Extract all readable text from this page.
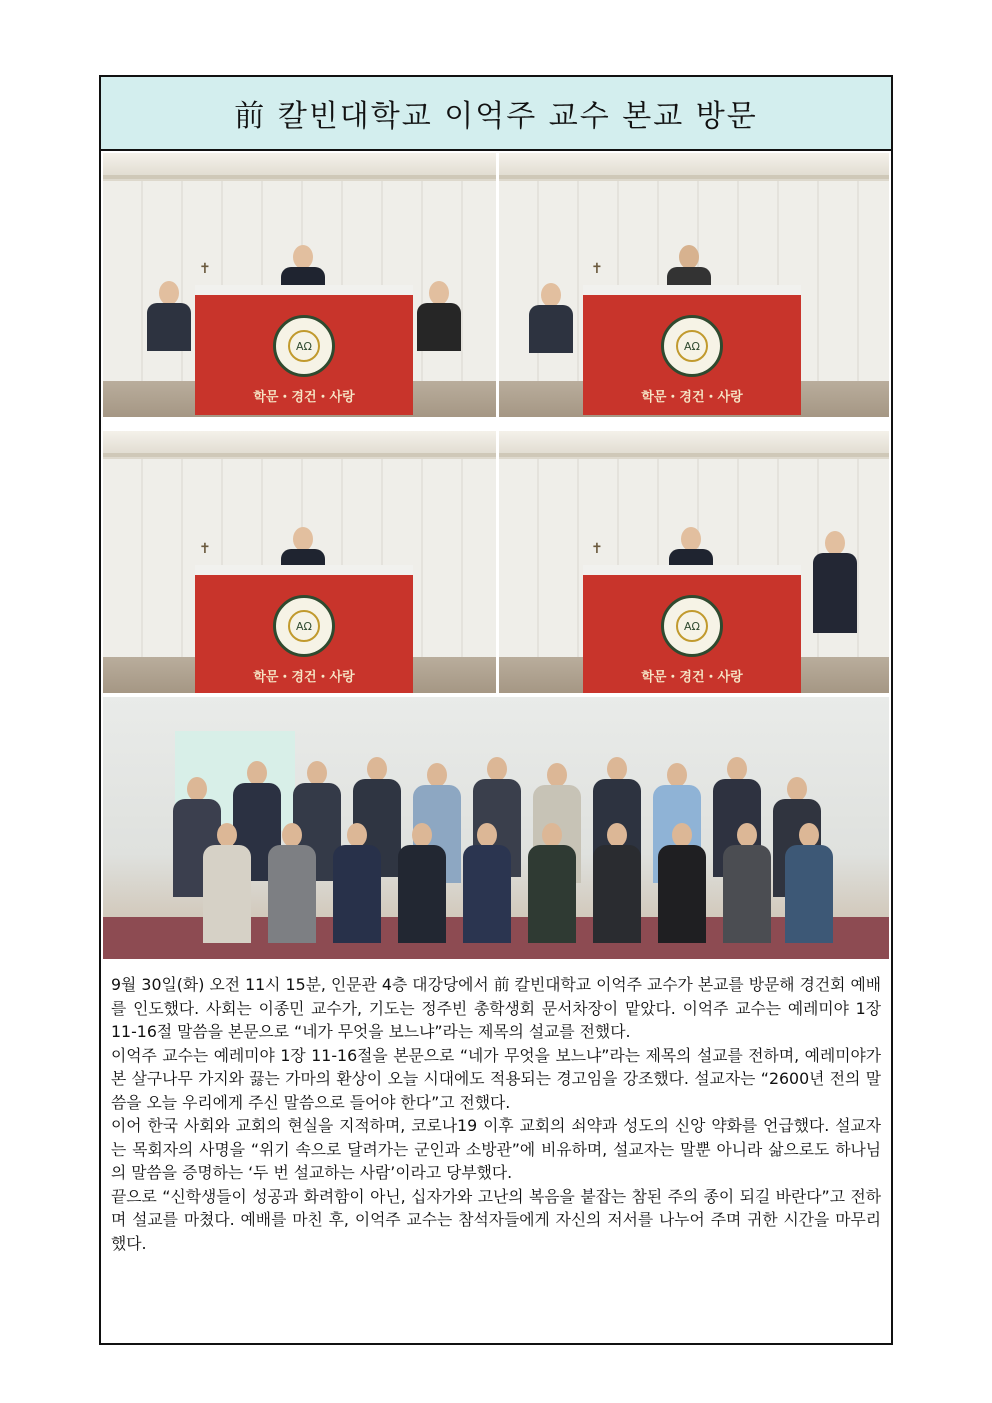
前 칼빈대학교 이억주 교수 본교 방문
✝
AΩ
학문・경건・사랑
✝
AΩ
학문・경건・사랑
✝
AΩ
학문・경건・사랑
✝
AΩ
학문・경건・사랑

9월 30일(화) 오전 11시 15분, 인문관 4층 대강당에서 前 칼빈대학교 이억주 교수가 본교를 방문해 경건회 예배를 인도했다. 사회는 이종민 교수가, 기도는 정주빈 총학생회 문서차장이 맡았다. 이억주 교수는 예레미야 1장 11-16절 말씀을 본문으로 “네가 무엇을 보느냐”라는 제목의 설교를 전했다.

이억주 교수는 예레미야 1장 11-16절을 본문으로 “네가 무엇을 보느냐”라는 제목의 설교를 전하며, 예레미야가 본 살구나무 가지와 끓는 가마의 환상이 오늘 시대에도 적용되는 경고임을 강조했다. 설교자는 “2600년 전의 말씀을 오늘 우리에게 주신 말씀으로 들어야 한다”고 전했다.

이어 한국 사회와 교회의 현실을 지적하며, 코로나19 이후 교회의 쇠약과 성도의 신앙 약화를 언급했다. 설교자는 목회자의 사명을 “위기 속으로 달려가는 군인과 소방관”에 비유하며, 설교자는 말뿐 아니라 삶으로도 하나님의 말씀을 증명하는 ‘두 번 설교하는 사람’이라고 당부했다.

끝으로 “신학생들이 성공과 화려함이 아닌, 십자가와 고난의 복음을 붙잡는 참된 주의 종이 되길 바란다”고 전하며 설교를 마쳤다. 예배를 마친 후, 이억주 교수는 참석자들에게 자신의 저서를 나누어 주며 귀한 시간을 마무리했다.
